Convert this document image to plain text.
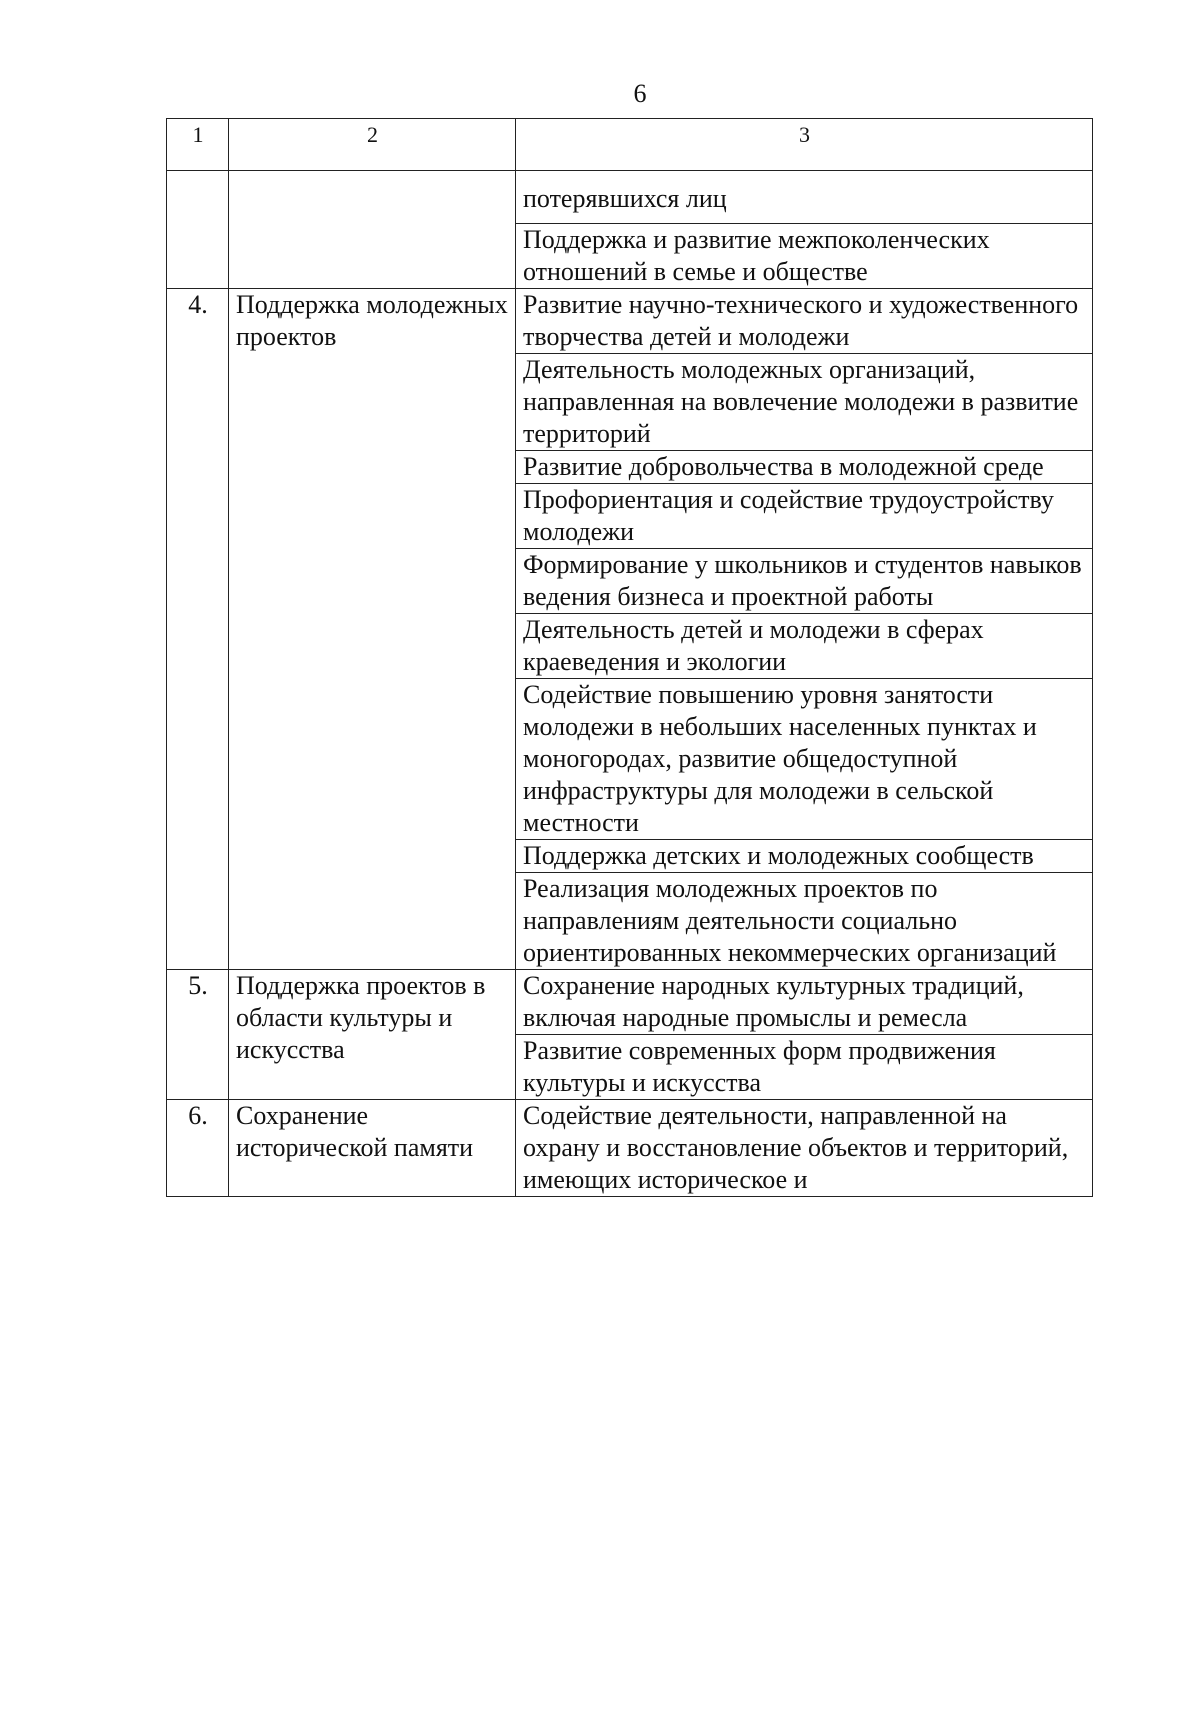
6
1	2	3
		потерявшихся лиц
		Поддержка и развитие межпоколенческих отношений в семье и обществе
4.	Поддержка молодежных проектов	Развитие научно-технического и художественного творчества детей и молодежи
		Деятельность молодежных организаций, направленная на вовлечение молодежи в развитие территорий
		Развитие добровольчества в молодежной среде
		Профориентация и содействие трудоустройству молодежи
		Формирование у школьников и студентов навыков ведения бизнеса и проектной работы
		Деятельность детей и молодежи в сферах краеведения и экологии
		Содействие повышению уровня занятости молодежи в небольших населенных пунктах и моногородах, развитие общедоступной инфраструктуры для молодежи в сельской местности
		Поддержка детских и молодежных сообществ
		Реализация молодежных проектов по направлениям деятельности социально ориентированных некоммерческих организаций
5.	Поддержка проектов в области культуры и искусства	Сохранение народных культурных традиций, включая народные промыслы и ремесла
		Развитие современных форм продвижения культуры и искусства
6.	Сохранение исторической памяти	Содействие деятельности, направленной на охрану и восстановление объектов и территорий, имеющих историческое и
